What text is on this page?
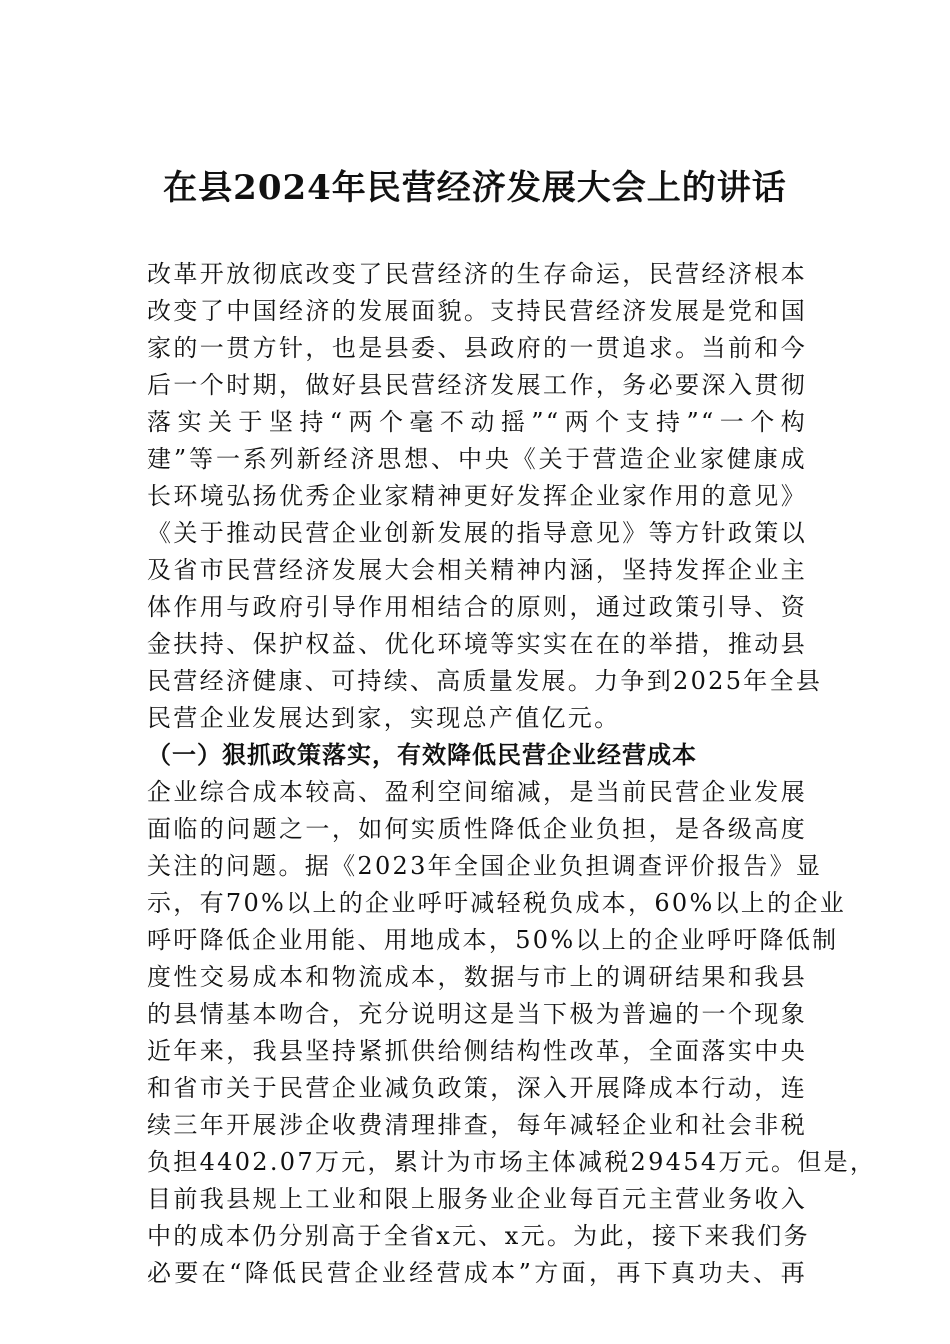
在县2024年民营经济发展大会上的讲话
改革开放彻底改变了民营经济的生存命运，民营经济根本
改变了中国经济的发展面貌。支持民营经济发展是党和国
家的一贯方针，也是县委、县政府的一贯追求。当前和今
后一个时期，做好县民营经济发展工作，务必要深入贯彻
落实关于坚持“两个毫不动摇”“两个支持”“一个构
建”等一系列新经济思想、中央《关于营造企业家健康成
长环境弘扬优秀企业家精神更好发挥企业家作用的意见》
《关于推动民营企业创新发展的指导意见》等方针政策以
及省市民营经济发展大会相关精神内涵，坚持发挥企业主
体作用与政府引导作用相结合的原则，通过政策引导、资
金扶持、保护权益、优化环境等实实在在的举措，推动县
民营经济健康、可持续、高质量发展。力争到2025年全县
民营企业发展达到家，实现总产值亿元。
（一）狠抓政策落实，有效降低民营企业经营成本
企业综合成本较高、盈利空间缩减，是当前民营企业发展
面临的问题之一，如何实质性降低企业负担，是各级高度
关注的问题。据《2023年全国企业负担调查评价报告》显
示，有70%以上的企业呼吁减轻税负成本，60%以上的企业
呼吁降低企业用能、用地成本，50%以上的企业呼吁降低制
度性交易成本和物流成本，数据与市上的调研结果和我县
的县情基本吻合，充分说明这是当下极为普遍的一个现象
近年来，我县坚持紧抓供给侧结构性改革，全面落实中央
和省市关于民营企业减负政策，深入开展降成本行动，连
续三年开展涉企收费清理排查，每年减轻企业和社会非税
负担4402.07万元，累计为市场主体减税29454万元。但是，
目前我县规上工业和限上服务业企业每百元主营业务收入
中的成本仍分别高于全省x元、x元。为此，接下来我们务
必要在“降低民营企业经营成本”方面，再下真功夫、再
